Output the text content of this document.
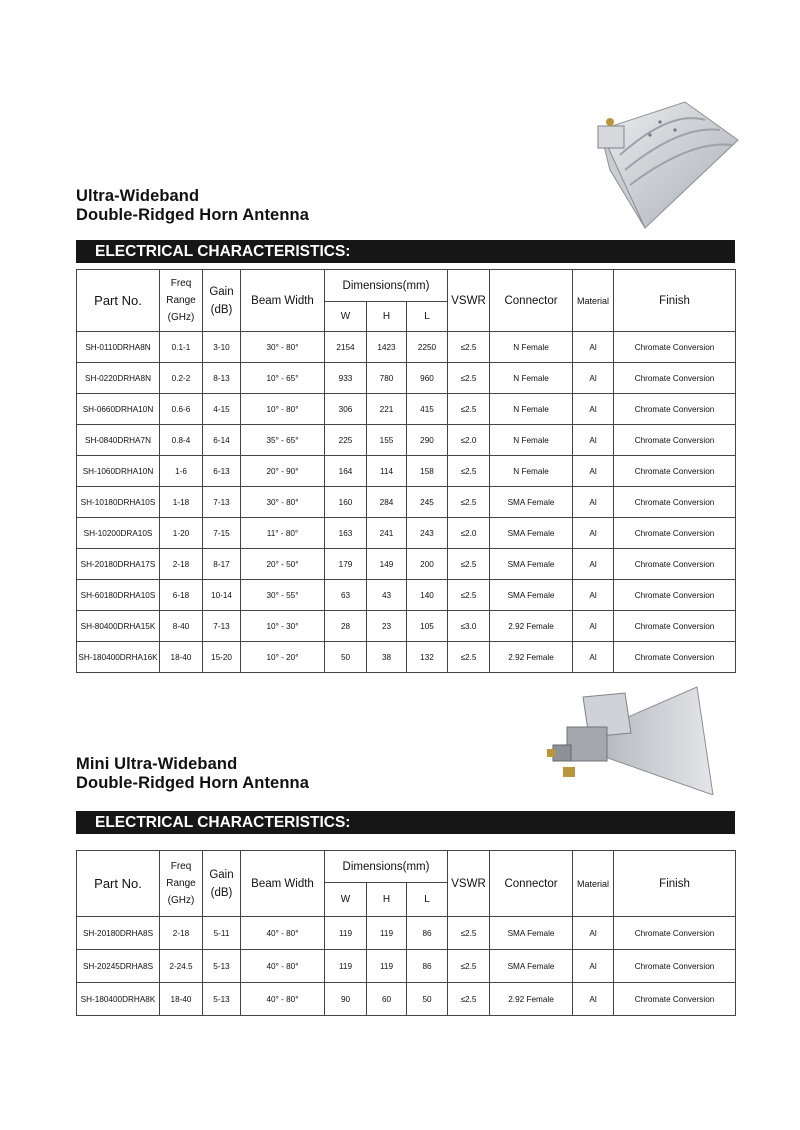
Ultra-Wideband
Double-Ridged Horn Antenna
ELECTRICAL CHARACTERISTICS:
Part No.	Freq
Range
(GHz)	Gain
(dB)	Beam Width	Dimensions(mm)			VSWR	Connector	Material	Finish
				W	H	L				
SH-0110DRHA8N	0.1-1	3-10	30° - 80°	2154	1423	2250	≤2.5	N Female	Al	Chromate Conversion
SH-0220DRHA8N	0.2-2	8-13	10° - 65°	933	780	960	≤2.5	N Female	Al	Chromate Conversion
SH-0660DRHA10N	0.6-6	4-15	10° - 80°	306	221	415	≤2.5	N Female	Al	Chromate Conversion
SH-0840DRHA7N	0.8-4	6-14	35° - 65°	225	155	290	≤2.0	N Female	Al	Chromate Conversion
SH-1060DRHA10N	1-6	6-13	20° - 90°	164	114	158	≤2.5	N Female	Al	Chromate Conversion
SH-10180DRHA10S	1-18	7-13	30° - 80°	160	284	245	≤2.5	SMA Female	Al	Chromate Conversion
SH-10200DRA10S	1-20	7-15	11° - 80°	163	241	243	≤2.0	SMA Female	Al	Chromate Conversion
SH-20180DRHA17S	2-18	8-17	20° - 50°	179	149	200	≤2.5	SMA Female	Al	Chromate Conversion
SH-60180DRHA10S	6-18	10-14	30° - 55°	63	43	140	≤2.5	SMA Female	Al	Chromate Conversion
SH-80400DRHA15K	8-40	7-13	10° - 30°	28	23	105	≤3.0	2.92 Female	Al	Chromate Conversion
SH-180400DRHA16K	18-40	15-20	10° - 20°	50	38	132	≤2.5	2.92 Female	Al	Chromate Conversion
Mini Ultra-Wideband
Double-Ridged Horn Antenna
ELECTRICAL CHARACTERISTICS:
Part No.	Freq
Range
(GHz)	Gain
(dB)	Beam Width	Dimensions(mm)			VSWR	Connector	Material	Finish
				W	H	L				
SH-20180DRHA8S	2-18	5-11	40° - 80°	119	119	86	≤2.5	SMA Female	Al	Chromate Conversion
SH-20245DRHA8S	2-24.5	5-13	40° - 80°	119	119	86	≤2.5	SMA Female	Al	Chromate Conversion
SH-180400DRHA8K	18-40	5-13	40° - 80°	90	60	50	≤2.5	2.92 Female	Al	Chromate Conversion
